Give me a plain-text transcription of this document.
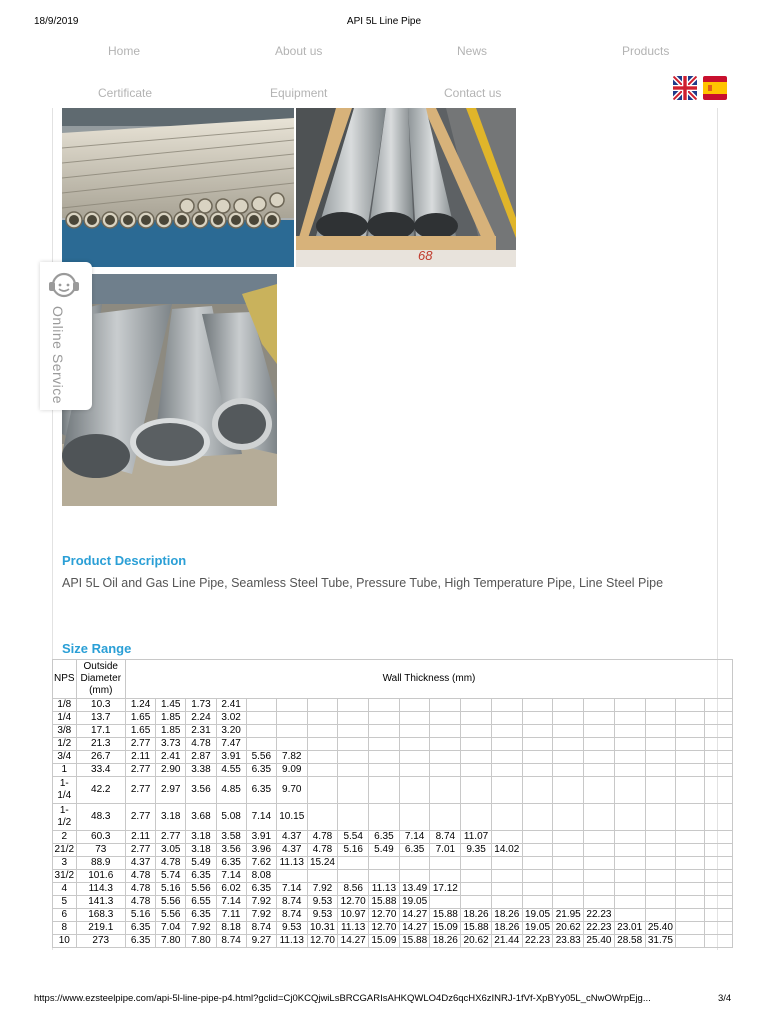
18/9/2019	API 5L Line Pipe
Home	About us	News	Products
Certificate	Equipment	Contact us
68
Online Service
Product Description
API 5L Oil and Gas Line Pipe, Seamless Steel Tube, Pressure Tube, High Temperature Pipe, Line Steel Pipe
Size Range
NPS	Outside Diameter (mm)	Wall Thickness (mm)																			
1/8	10.3	1.24	1.45	1.73	2.41																
1/4	13.7	1.65	1.85	2.24	3.02																
3/8	17.1	1.65	1.85	2.31	3.20																
1/2	21.3	2.77	3.73	4.78	7.47																
3/4	26.7	2.11	2.41	2.87	3.91	5.56	7.82														
1	33.4	2.77	2.90	3.38	4.55	6.35	9.09														
1-1/4	42.2	2.77	2.97	3.56	4.85	6.35	9.70														
1-1/2	48.3	2.77	3.18	3.68	5.08	7.14	10.15														
2	60.3	2.11	2.77	3.18	3.58	3.91	4.37	4.78	5.54	6.35	7.14	8.74	11.07								
21/2	73	2.77	3.05	3.18	3.56	3.96	4.37	4.78	5.16	5.49	6.35	7.01	9.35	14.02							
3	88.9	4.37	4.78	5.49	6.35	7.62	11.13	15.24													
31/2	101.6	4.78	5.74	6.35	7.14	8.08															
4	114.3	4.78	5.16	5.56	6.02	6.35	7.14	7.92	8.56	11.13	13.49	17.12									
5	141.3	4.78	5.56	6.55	7.14	7.92	8.74	9.53	12.70	15.88	19.05										
6	168.3	5.16	5.56	6.35	7.11	7.92	8.74	9.53	10.97	12.70	14.27	15.88	18.26	18.26	19.05	21.95	22.23				
8	219.1	6.35	7.04	7.92	8.18	8.74	9.53	10.31	11.13	12.70	14.27	15.09	15.88	18.26	19.05	20.62	22.23	23.01	25.40		
10	273	6.35	7.80	7.80	8.74	9.27	11.13	12.70	14.27	15.09	15.88	18.26	20.62	21.44	22.23	23.83	25.40	28.58	31.75		
https://www.ezsteelpipe.com/api-5l-line-pipe-p4.html?gclid=Cj0KCQjwiLsBRCGARIsAHKQWLO4Dz6qcHX6zINRJ-1fVf-XpBYy05L_cNwOWrpEjg...	3/4
